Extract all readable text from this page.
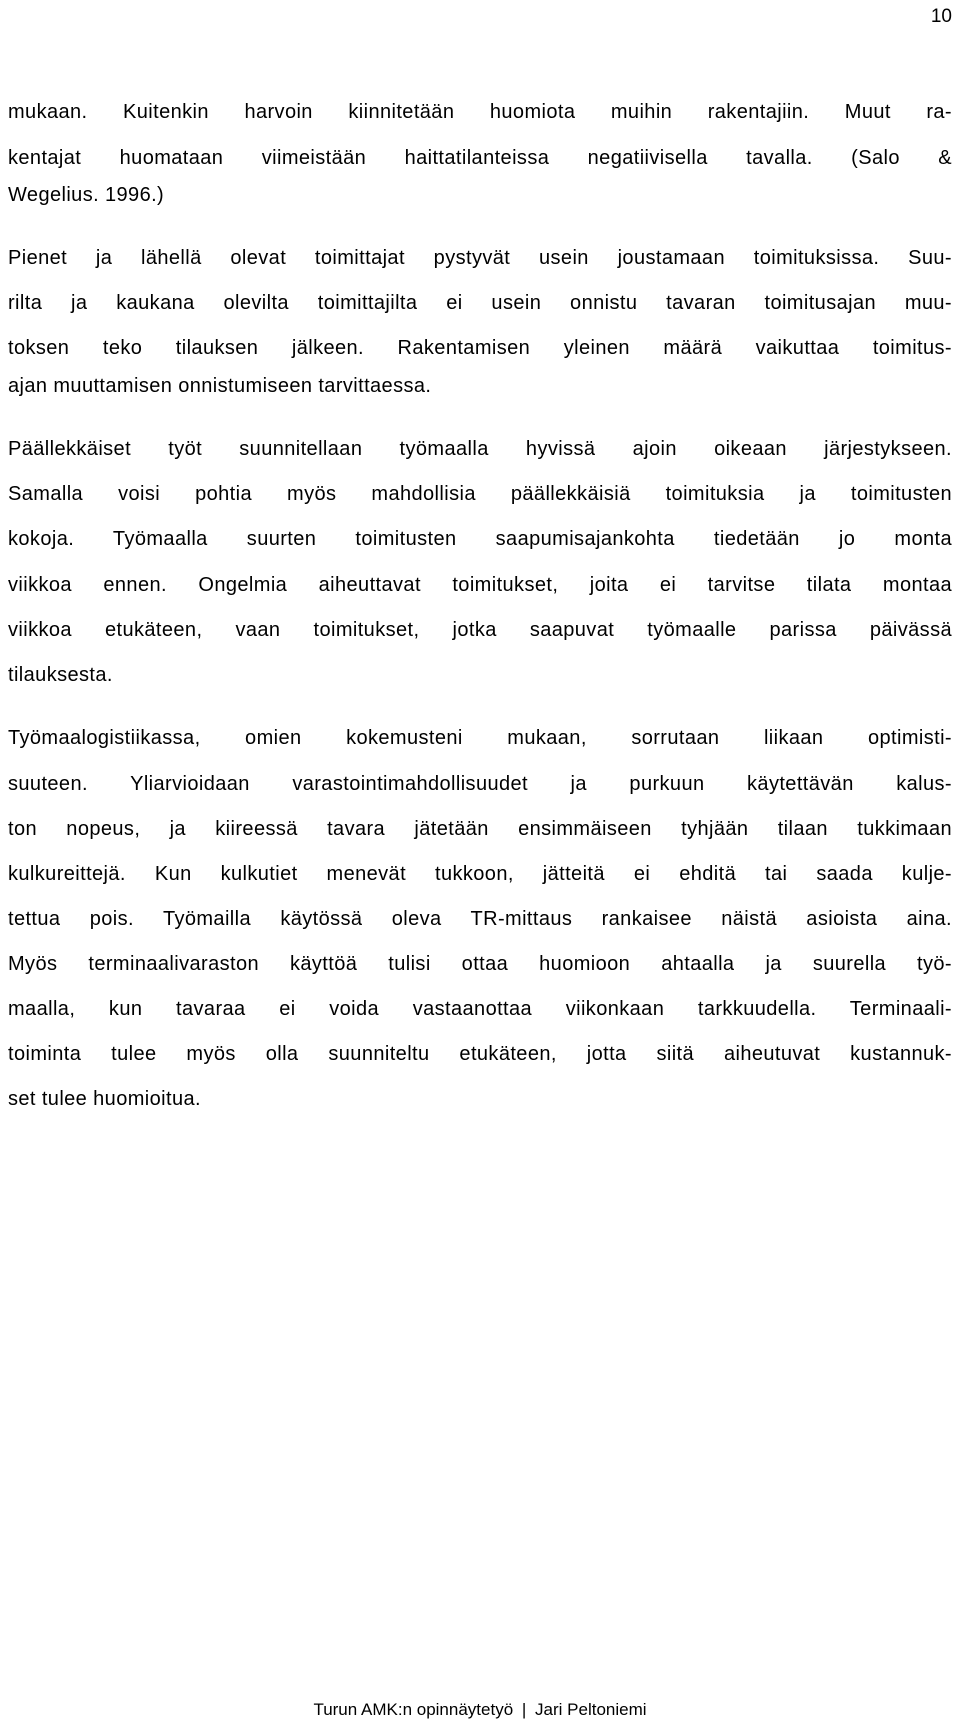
10
mukaan. Kuitenkin harvoin kiinnitetään huomiota muihin rakentajiin. Muut ra-
kentajat huomataan viimeistään haittatilanteissa negatiivisella tavalla. (Salo &
Wegelius. 1996.)
Pienet ja lähellä olevat toimittajat pystyvät usein joustamaan toimituksissa. Suu-
rilta ja kaukana olevilta toimittajilta ei usein onnistu tavaran toimitusajan muu-
toksen teko tilauksen jälkeen. Rakentamisen yleinen määrä vaikuttaa toimitus-
ajan muuttamisen onnistumiseen tarvittaessa.
Päällekkäiset työt suunnitellaan työmaalla hyvissä ajoin oikeaan järjestykseen.
Samalla voisi pohtia myös mahdollisia päällekkäisiä toimituksia ja toimitusten
kokoja. Työmaalla suurten toimitusten saapumisajankohta tiedetään jo monta
viikkoa ennen. Ongelmia aiheuttavat toimitukset, joita ei tarvitse tilata montaa
viikkoa etukäteen, vaan toimitukset, jotka saapuvat työmaalle parissa päivässä
tilauksesta.
Työmaalogistiikassa, omien kokemusteni mukaan, sorrutaan liikaan optimisti-
suuteen. Yliarvioidaan varastointimahdollisuudet ja purkuun käytettävän kalus-
ton nopeus, ja kiireessä tavara jätetään ensimmäiseen tyhjään tilaan tukkimaan
kulkureittejä. Kun kulkutiet menevät tukkoon, jätteitä ei ehditä tai saada kulje-
tettua pois. Työmailla käytössä oleva TR-mittaus rankaisee näistä asioista aina.
Myös terminaalivaraston käyttöä tulisi ottaa huomioon ahtaalla ja suurella työ-
maalla, kun tavaraa ei voida vastaanottaa viikonkaan tarkkuudella. Terminaali-
toiminta tulee myös olla suunniteltu etukäteen, jotta siitä aiheutuvat kustannuk-
set tulee huomioitua.
Turun AMK:n opinnäytetyö | Jari Peltoniemi
